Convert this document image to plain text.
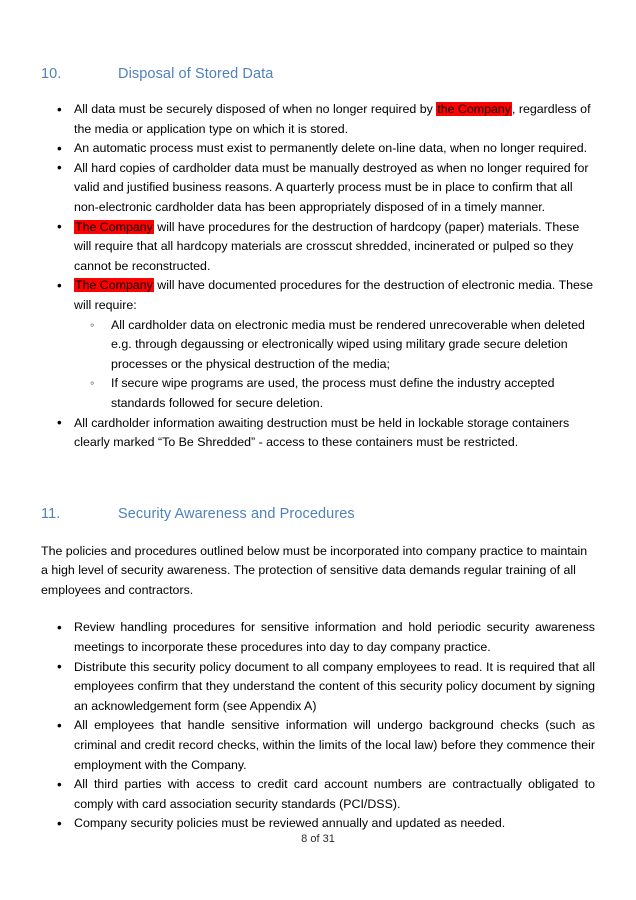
10.	Disposal of Stored Data
• All data must be securely disposed of when no longer required by the Company, regardless of the media or application type on which it is stored.
• An automatic process must exist to permanently delete on-line data, when no longer required.
• All hard copies of cardholder data must be manually destroyed as when no longer required for valid and justified business reasons. A quarterly process must be in place to confirm that all non-electronic cardholder data has been appropriately disposed of in a timely manner.
• The Company will have procedures for the destruction of hardcopy (paper) materials. These will require that all hardcopy materials are crosscut shredded, incinerated or pulped so they cannot be reconstructed.
• The Company will have documented procedures for the destruction of electronic media. These will require:
◦ All cardholder data on electronic media must be rendered unrecoverable when deleted e.g. through degaussing or electronically wiped using military grade secure deletion processes or the physical destruction of the media;
◦ If secure wipe programs are used, the process must define the industry accepted standards followed for secure deletion.
• All cardholder information awaiting destruction must be held in lockable storage containers clearly marked “To Be Shredded” - access to these containers must be restricted.
11.	Security Awareness and Procedures
The policies and procedures outlined below must be incorporated into company practice to maintain a high level of security awareness. The protection of sensitive data demands regular training of all employees and contractors.
• Review handling procedures for sensitive information and hold periodic security awareness meetings to incorporate these procedures into day to day company practice.
• Distribute this security policy document to all company employees to read. It is required that all employees confirm that they understand the content of this security policy document by signing an acknowledgement form (see Appendix A)
• All employees that handle sensitive information will undergo background checks (such as criminal and credit record checks, within the limits of the local law) before they commence their employment with the Company.
• All third parties with access to credit card account numbers are contractually obligated to comply with card association security standards (PCI/DSS).
• Company security policies must be reviewed annually and updated as needed.
8 of 31
